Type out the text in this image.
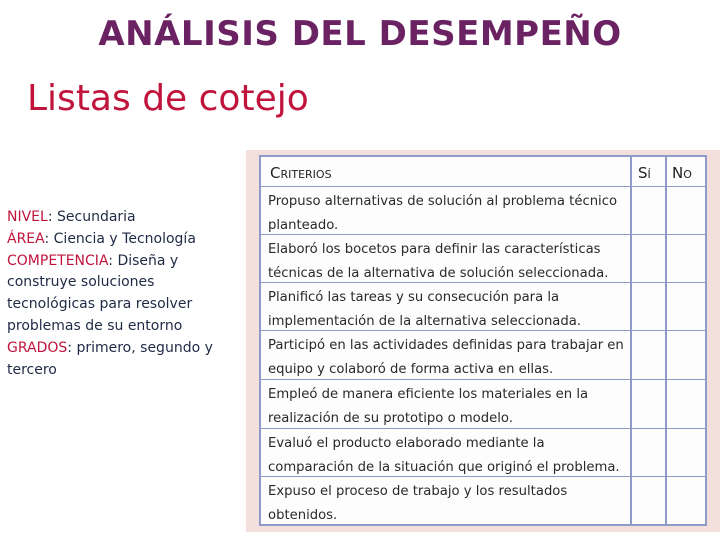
ANÁLISIS DEL DESEMPEÑO
Listas de cotejo

NIVEL: Secundaria

ÁREA: Ciencia y Tecnología

COMPETENCIA: Diseña y construye soluciones tecnológicas para resolver problemas de su entorno

GRADOS: primero, segundo y tercero

Criterios	Sí No
Propuso alternativas de solución al problema técnico planteado.
Elaboró los bocetos para definir las características técnicas de la alternativa de solución seleccionada.
Planificó las tareas y su consecución para la implementación de la alternativa seleccionada.
Participó en las actividades definidas para trabajar en equipo y colaboró de forma activa en ellas.
Empleó de manera eficiente los materiales en la realización de su prototipo o modelo.
Evaluó el producto elaborado mediante la comparación de la situación que originó el problema.
Expuso el proceso de trabajo y los resultados obtenidos.
